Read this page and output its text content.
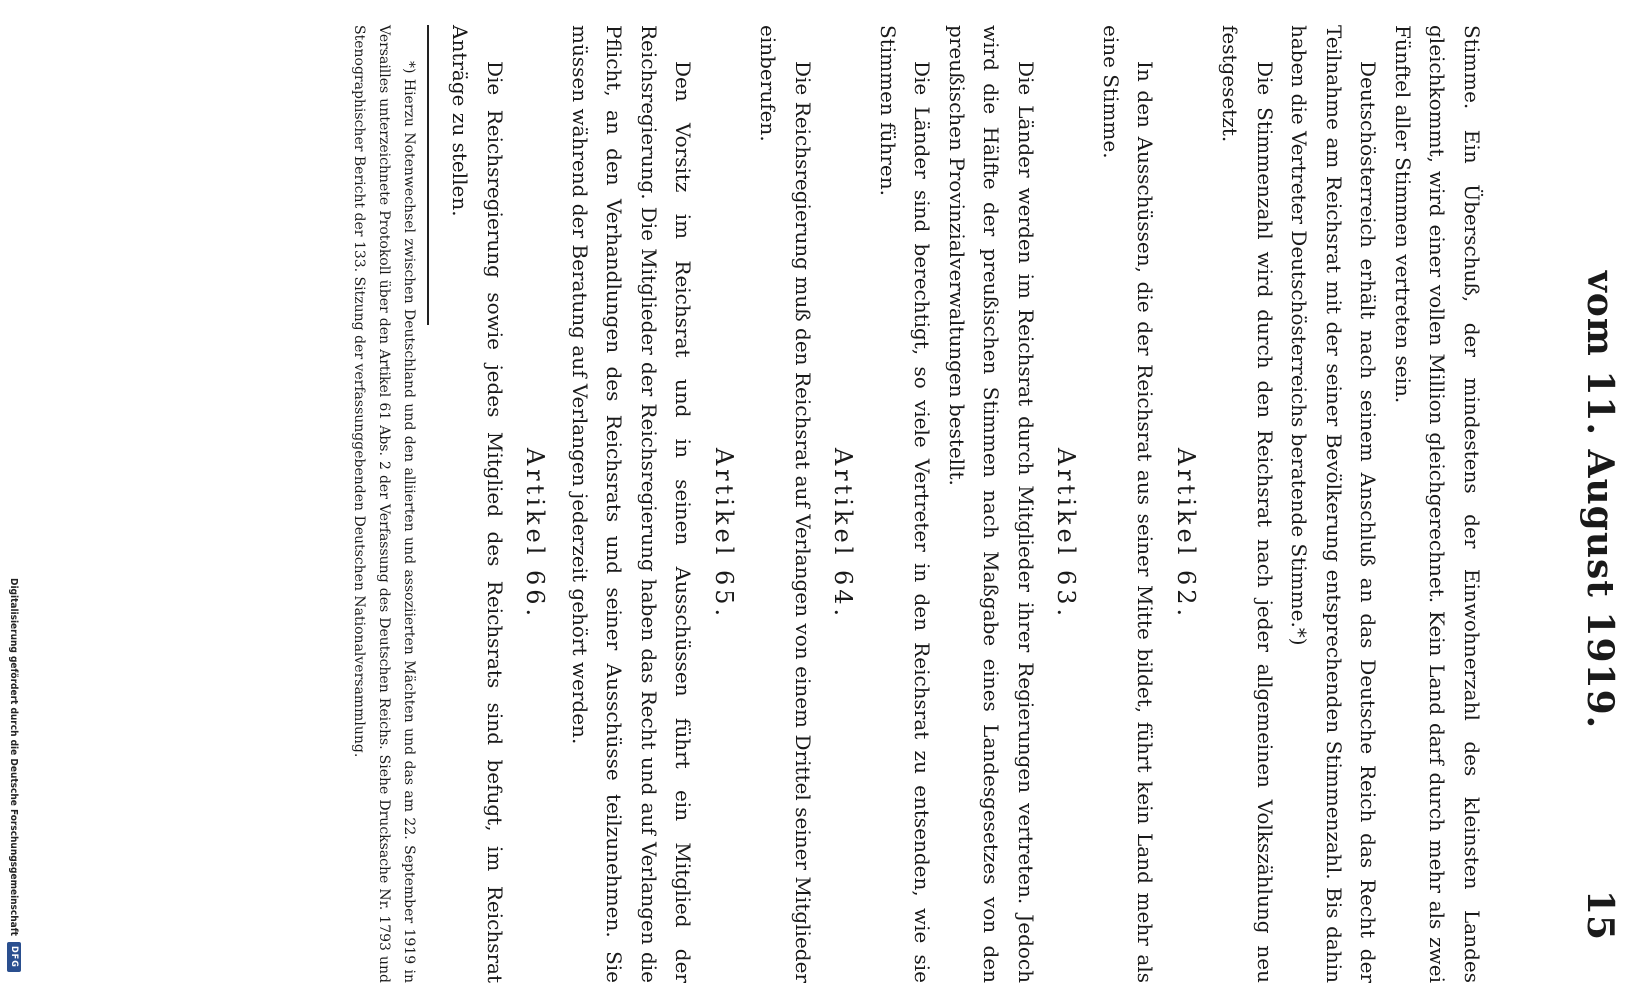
vom 11. August 1919.
15

Stimme. Ein Überschuß, der mindestens der Einwohnerzahl des kleinsten Landes gleichkommt, wird einer vollen Million gleichgerechnet. Kein Land darf durch mehr als zwei Fünftel aller Stimmen vertreten sein.

Deutschösterreich erhält nach seinem Anschluß an das Deutsche Reich das Recht der Teilnahme am Reichsrat mit der seiner Bevölkerung entsprechenden Stimmenzahl. Bis dahin haben die Vertreter Deutschösterreichs beratende Stimme.*)

Die Stimmenzahl wird durch den Reichsrat nach jeder allgemeinen Volkszählung neu festgesetzt.

Artikel 62.

In den Ausschüssen, die der Reichsrat aus seiner Mitte bildet, führt kein Land mehr als eine Stimme.

Artikel 63.

Die Länder werden im Reichsrat durch Mitglieder ihrer Regierungen vertreten. Jedoch wird die Hälfte der preußischen Stimmen nach Maßgabe eines Landesgesetzes von den preußischen Provinzialverwaltungen bestellt.

Die Länder sind berechtigt, so viele Vertreter in den Reichsrat zu entsenden, wie sie Stimmen führen.

Artikel 64.

Die Reichsregierung muß den Reichsrat auf Verlangen von einem Drittel seiner Mitglieder einberufen.

Artikel 65.

Den Vorsitz im Reichsrat und in seinen Ausschüssen führt ein Mitglied der Reichsregierung. Die Mitglieder der Reichsregierung haben das Recht und auf Verlangen die Pflicht, an den Verhandlungen des Reichsrats und seiner Ausschüsse teilzunehmen. Sie müssen während der Beratung auf Verlangen jederzeit gehört werden.

Artikel 66.

Die Reichsregierung sowie jedes Mitglied des Reichsrats sind befugt, im Reichsrat Anträge zu stellen.

*) Hierzu Notenwechsel zwischen Deutschland und den alliierten und assoziierten Mächten und das am 22. September 1919 in Versailles unterzeichnete Protokoll über den Artikel 61 Abs. 2 der Verfassung des Deutschen Reichs. Siehe Drucksache Nr. 1793 und Stenographischer Bericht der 133. Sitzung der verfassunggebenden Deutschen Nationalversammlung.

Digitalisierung gefördert durch die Deutsche Forschungsgemeinschaft
DFG
